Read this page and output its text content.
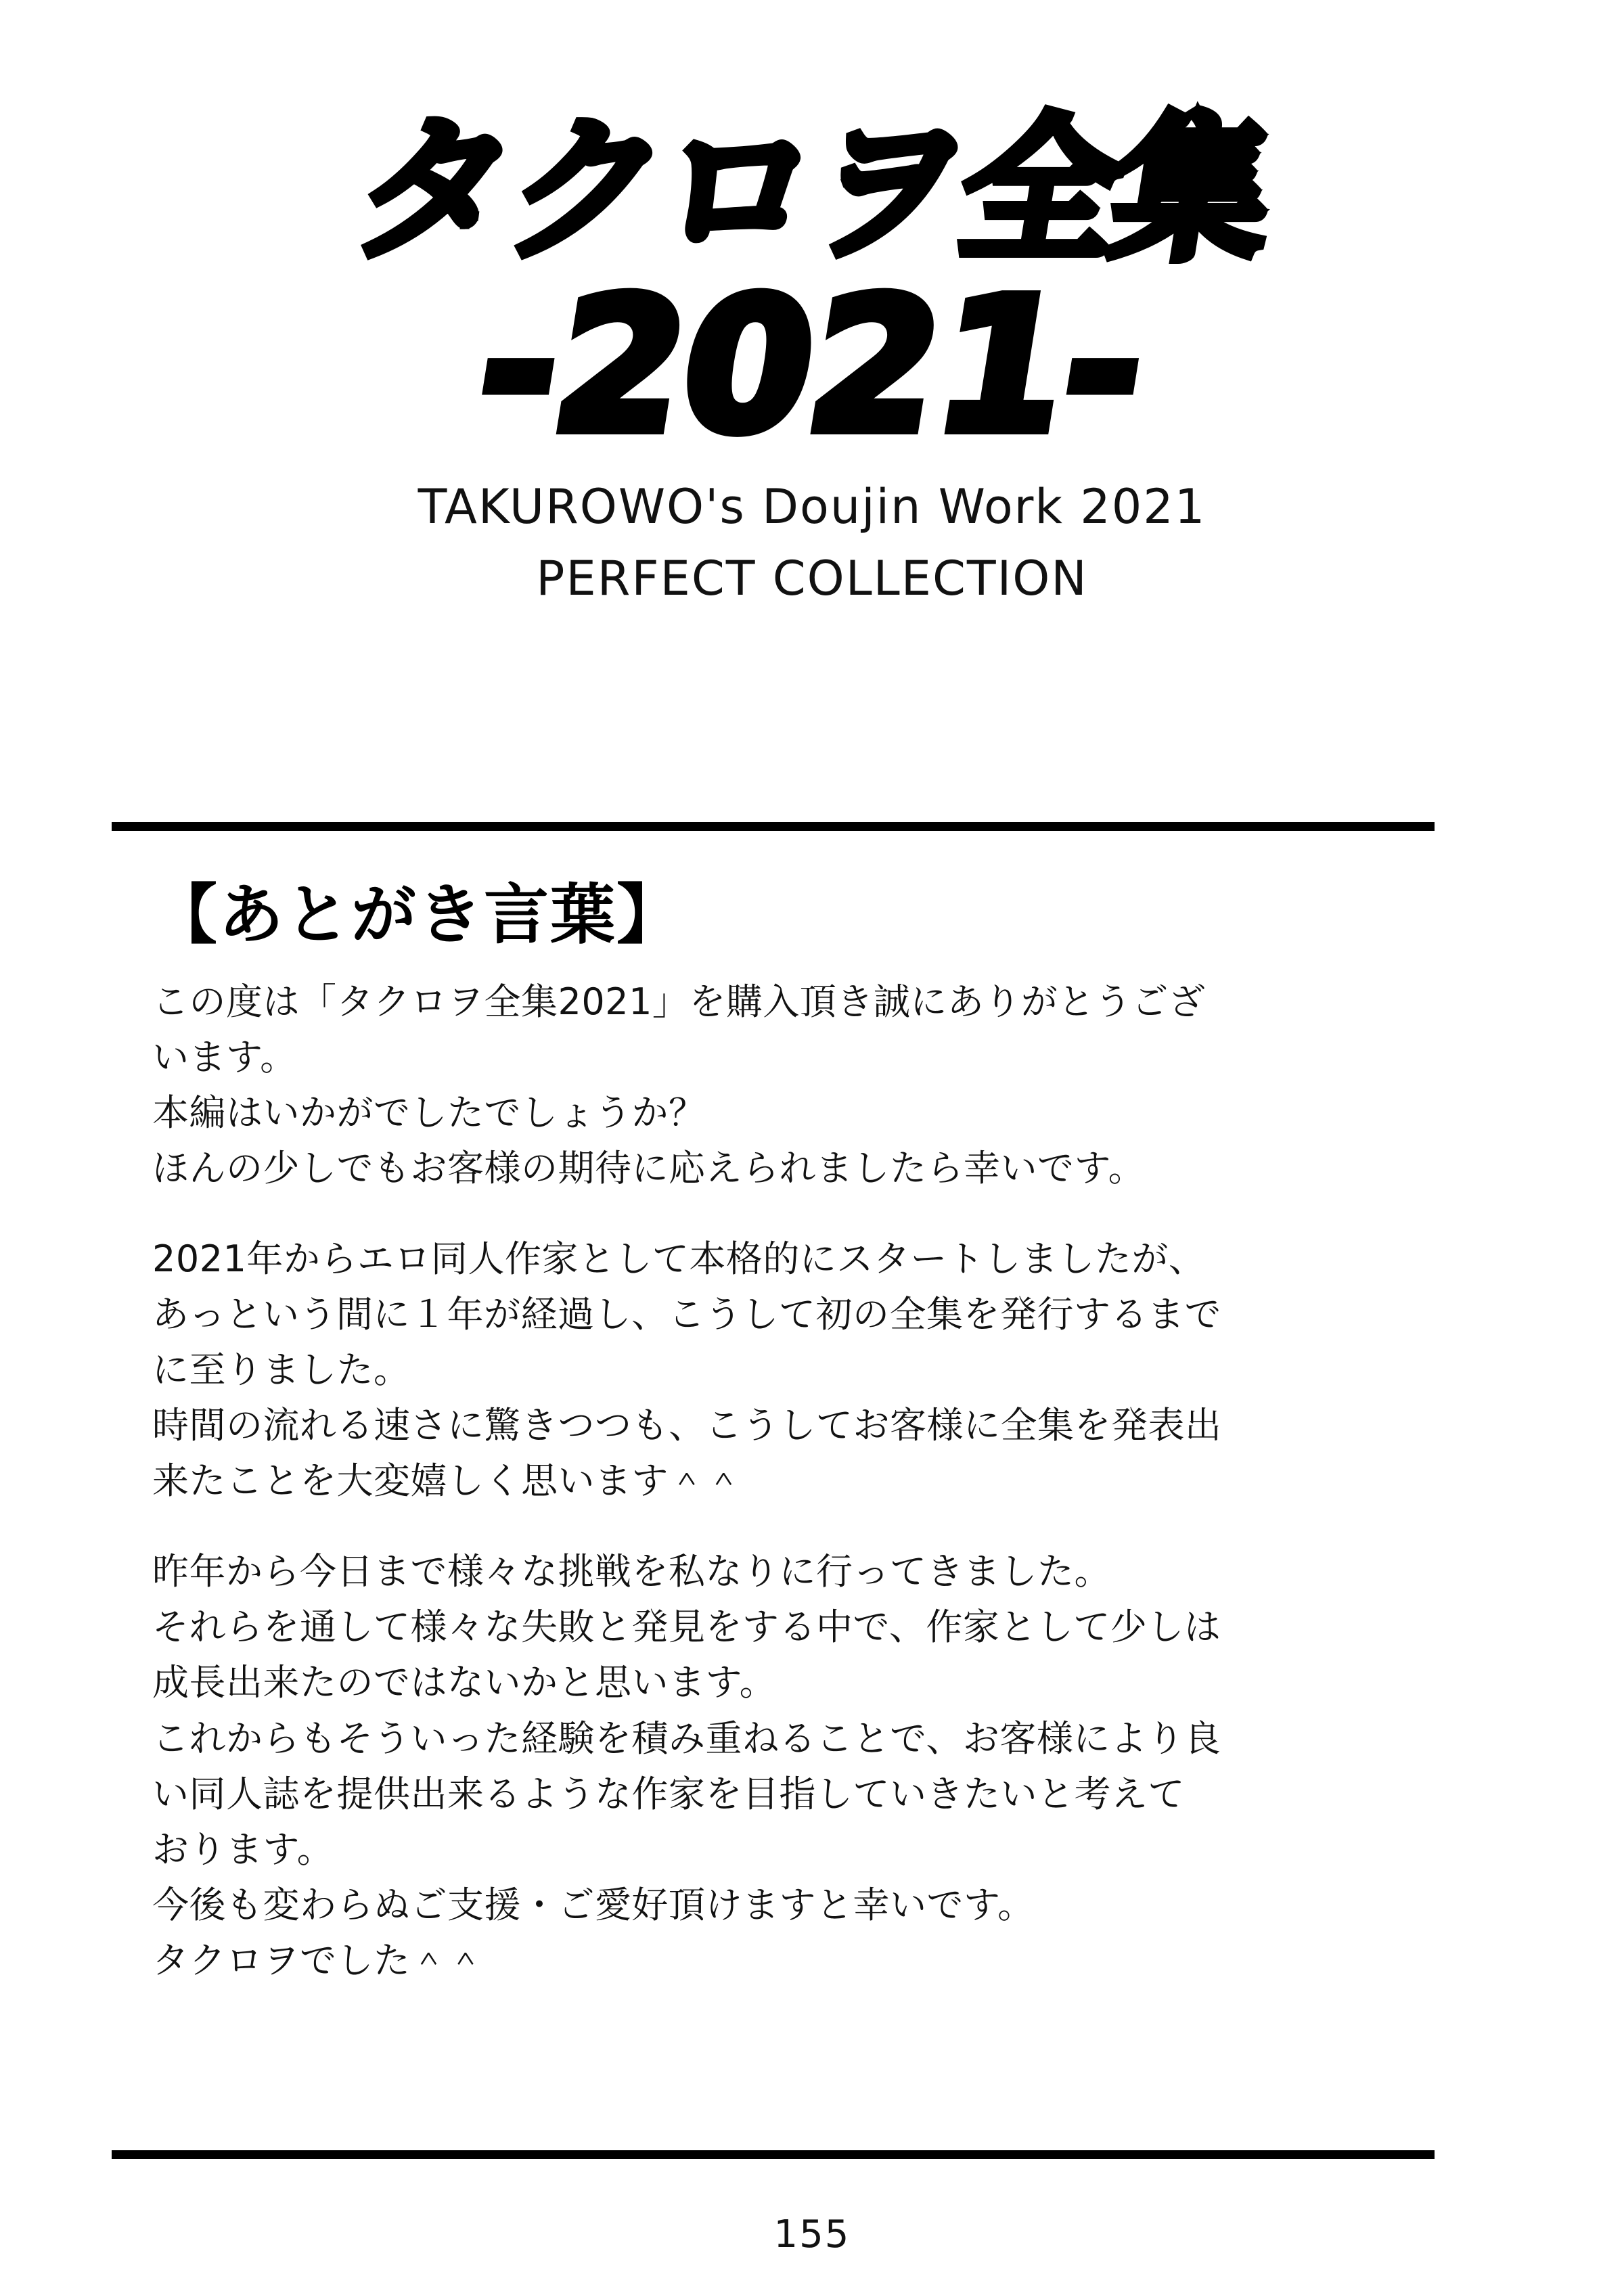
タクロヲ全集
-2021-
TAKUROWO's Doujin Work 2021
PERFECT COLLECTION
【あとがき言葉】

この度は「タクロヲ全集2021」を購入頂き誠にありがとうござ
います。
本編はいかがでしたでしょうか？
ほんの少しでもお客様の期待に応えられましたら幸いです。

2021年からエロ同人作家として本格的にスタートしましたが、
あっという間に１年が経過し、こうして初の全集を発行するまで
に至りました。
時間の流れる速さに驚きつつも、こうしてお客様に全集を発表出
来たことを大変嬉しく思います＾＾

昨年から今日まで様々な挑戦を私なりに行ってきました。
それらを通して様々な失敗と発見をする中で、作家として少しは
成長出来たのではないかと思います。
これからもそういった経験を積み重ねることで、お客様により良
い同人誌を提供出来るような作家を目指していきたいと考えて
おります。
今後も変わらぬご支援・ご愛好頂けますと幸いです。
タクロヲでした＾＾

155
